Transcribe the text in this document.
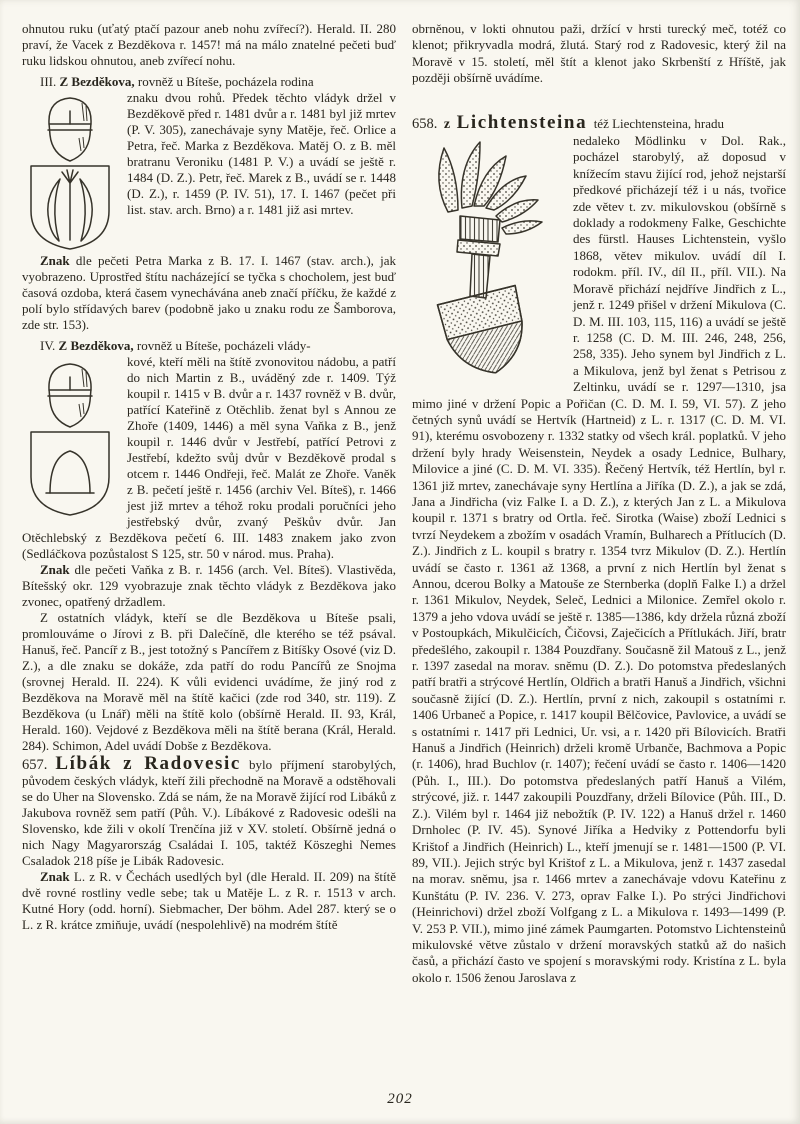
ohnutou ruku (uťatý ptačí pazour aneb nohu zvířecí?). Herald. II. 280 praví, že Vacek z Bezděkova r. 1457! má na málo znatelné pečeti buď ruku lidskou ohnutou, aneb zvířecí nohu.

III. Z Bezděkova, rovněž u Bíteše, pocházela rodina

znaku dvou rohů. Předek těchto vládyk držel v Bezděkově před r. 1481 dvůr a r. 1481 byl již mrtev (P. V. 305), zanechávaje syny Matěje, řeč. Orlice a Petra, řeč. Marka z Bezděkova. Matěj O. z B. měl bratranu Veroniku (1481 P. V.) a uvádí se ještě r. 1484 (D. Z.). Petr, řeč. Marek z B., uvádí se r. 1448 (D. Z.), r. 1459 (P. IV. 51), 17. I. 1467 (pečet při list. stav. arch. Brno) a r. 1481 již asi mrtev.

Znak dle pečeti Petra Marka z B. 17. I. 1467 (stav. arch.), jak vyobrazeno. Uprostřed štítu nacházející se tyčka s chocholem, jest buď časová ozdoba, která časem vynechávána aneb značí příčku, že každé z polí bylo střídavých barev (podobně jako u znaku rodu ze Šamborova, zde str. 153).

IV. Z Bezděkova, rovněž u Bíteše, pocházeli vlády-

kové, kteří měli na štítě zvonovitou nádobu, a patří do nich Martin z B., uváděný zde r. 1409. Týž koupil r. 1415 v B. dvůr a r. 1437 rovněž v B. dvůr, patřící Kateřině z Otěchlib. ženat byl s Annou ze Zhoře (1409, 1446) a měl syna Vaňka z B., jenž koupil r. 1446 dvůr v Jestřebí, patřící Petrovi z Jestřebí, kdežto svůj dvůr v Bezděkově prodal s otcem r. 1446 Ondřeji, řeč. Malát ze Zhoře. Vaněk z B. pečetí ještě r. 1456 (archiv Vel. Bíteš), r. 1466 jest již mrtev a téhož roku prodali poručníci jeho jestřebský dvůr, zvaný Peškův dvůr. Jan Otěchlebský z Bezděkova pečetí 6. III. 1483 znakem jako zvon (Sedláčkova pozůstalost S 125, str. 50 v národ. mus. Praha).

Znak dle pečeti Vaňka z B. r. 1456 (arch. Vel. Bíteš). Vlastivěda, Bítešský okr. 129 vyobrazuje znak těchto vládyk z Bezděkova jako zvonec, opatřený držadlem.

Z ostatních vládyk, kteří se dle Bezděkova u Bíteše psali, promlouváme o Jírovi z B. při Dalečíně, dle kterého se též psával. Hanuš, řeč. Pancíř z B., jest totožný s Pancířem z Bitíšky Osové (viz D. Z.), a dle znaku se dokáže, zda patří do rodu Pancířů ze Snojma (srovnej Herald. II. 224). K vůli evidenci uvádíme, že jiný rod z Bezděkova na Moravě měl na štítě kačici (zde rod 340, str. 119). Z Bezděkova (u Lnář) měli na štítě kolo (obšírně Herald. II. 93, Král, Herald. 160). Vejdové z Bezděkova měli na štítě berana (Král, Herald. 284). Schimon, Adel uvádí Dobše z Bezděkova.

657. Líbák z Radovesic bylo příjmení starobylých, původem českých vládyk, kteří žili přechodně na Moravě a odstěhovali se do Uher na Slovensko. Zdá se nám, že na Moravě žijící rod Libáků z Jakubova rovněž sem patří (Půh. V.). Líbákové z Radovesic odešli na Slovensko, kde žili v okolí Trenčína již v XV. století. Obšírně jedná o nich Nagy Magyarország Családai I. 105, taktéž Köszeghi Nemes Csaladok 218 píše je Libák Radovesic.

Znak L. z R. v Čechách usedlých byl (dle Herald. II. 209) na štítě dvě rovné rostliny vedle sebe; tak u Matěje L. z R. r. 1513 v arch. Kutné Hory (odd. horní). Siebmacher, Der böhm. Adel 287. který se o L. z R. krátce zmiňuje, uvádí (nespolehlivě) na modrém štítě

obrněnou, v lokti ohnutou paži, držící v hrsti turecký meč, totéž co klenot; přikryvadla modrá, žlutá. Starý rod z Radovesic, který žil na Moravě v 15. století, měl štít a klenot jako Skrbenští z Hříště, jak později obšírně uvádíme.

658. z Lichtensteina též Liechtensteina, hradu

nedaleko Mödlinku v Dol. Rak., pocházel starobylý, až doposud v knížecím stavu žijící rod, jehož nejstarší předkové přicházejí též i u nás, tvořice zde větev t. zv. mikulovskou (obšírně s doklady a rodokmeny Falke, Geschichte des fürstl. Hauses Lichtenstein, vyšlo 1868, větev mikulov. uvádí díl I. rodokm. příl. IV., díl II., příl. VII.). Na Moravě přichází nejdříve Jindřich z L., jenž r. 1249 přišel v držení Mikulova (C. D. M. III. 103, 115, 116) a uvádí se ještě r. 1258 (C. D. M. III. 246, 248, 256, 258, 335). Jeho synem byl Jindřich z L. a Mikulova, jenž byl ženat s Petrisou z Zeltinku, uvádí se r. 1297—1310, jsa mimo jiné v držení Popic a Pořičan (C. D. M. I. 59, VI. 57). Z jeho četných synů uvádí se Hertvík (Hartneid) z L. r. 1317 (C. D. M. VI. 91), kterému osvobozeny r. 1332 statky od všech král. poplatků. V jeho držení byly hrady Weisenstein, Neydek a osady Lednice, Bulhary, Milovice a jiné (C. D. M. VI. 335). Řečený Hertvík, též Hertlín, byl r. 1361 již mrtev, zanechávaje syny Hertlína a Jiříka (D. Z.), a jak se zdá, Jana a Jindřicha (viz Falke I. a D. Z.), z kterých Jan z L. a Mikulova koupil r. 1371 s bratry od Ortla. řeč. Sirotka (Waise) zboží Lednici s tvrzí Neydekem a zbožím v osadách Vramín, Bulharech a Přítlucích (D. Z.). Jindřich z L. koupil s bratry r. 1354 tvrz Mikulov (D. Z.). Hertlín uvádí se často r. 1361 až 1368, a první z nich Hertlín byl ženat s Annou, dcerou Bolky a Matouše ze Sternberka (doplň Falke I.) a držel r. 1361 Mikulov, Neydek, Seleč, Lednici a Milonice. Zemřel okolo r. 1379 a jeho vdova uvádí se ještě r. 1385—1386, kdy držela různá zboží v Postoupkách, Mikulčicích, Čičovsi, Zaječicích a Přítlukách. Jiří, bratr předešlého, zakoupil r. 1384 Pouzdřany. Současně žil Matouš z L., jenž r. 1397 zasedal na morav. sněmu (D. Z.). Do potomstva předeslaných patří bratři a strýcové Hertlín, Oldřich a bratři Hanuš a Jindřich, všichni současně žijící (D. Z.). Hertlín, první z nich, zakoupil s ostatními r. 1406 Urbaneč a Popice, r. 1417 koupil Bělčovice, Pavlovice, a uvádí se s ostatními r. 1417 při Lednici, Ur. vsi, a r. 1420 při Bílovicích. Bratři Hanuš a Jindřich (Heinrich) drželi kromě Urbanče, Bachmova a Popic (r. 1406), hrad Buchlov (r. 1407); řečení uvádí se často r. 1406—1420 (Půh. I., III.). Do potomstva předeslaných patří Hanuš a Vilém, strýcové, již. r. 1447 zakoupili Pouzdřany, drželi Bílovice (Půh. III., D. Z.). Vilém byl r. 1464 již nebožtík (P. IV. 122) a Hanuš držel r. 1460 Drnholec (P. IV. 45). Synové Jiříka a Hedviky z Pottendorfu byli Krištof a Jindřich (Heinrich) L., kteří jmenují se r. 1481—1500 (P. VI. 89, VII.). Jejich strýc byl Krištof z L. a Mikulova, jenž r. 1437 zasedal na morav. sněmu, jsa r. 1466 mrtev a zanechávaje vdovu Kateřinu z Kunštátu (P. IV. 236. V. 273, oprav Falke I.). Po strýci Jindřichovi (Heinrichovi) držel zboží Volfgang z L. a Mikulova r. 1493—1499 (P. V. 253 P. VII.), mimo jiné zámek Paumgarten. Potomstvo Lichtensteinů mikulovské větve zůstalo v držení moravských statků až do našich časů, a přichází často ve spojení s moravskými rody. Kristína z L. byla okolo r. 1506 ženou Jaroslava z

202
